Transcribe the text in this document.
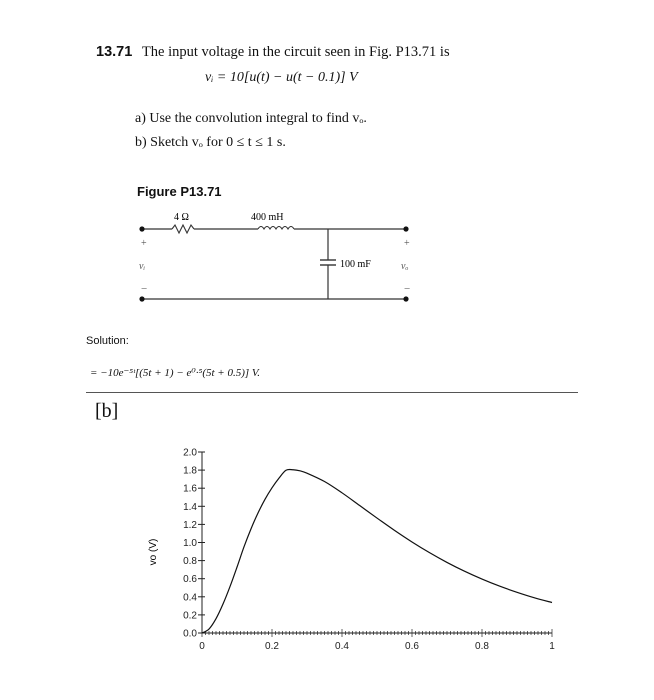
13.71 The input voltage in the circuit seen in Fig. P13.71 is
vᵢ = 10[u(t) − u(t − 0.1)] V
a) Use the convolution integral to find vₒ.
b) Sketch vₒ for 0 ≤ t ≤ 1 s.
Figure P13.71
4 Ω	400 mH
100 mF
+
vᵢ
−
+
vₒ
−
Solution:
= −10e⁻⁵ᵗ[(5t + 1) − e⁰·⁵(5t + 0.5)] V.
[b]
0.0
0.2
0.4
0.6
0.8
1.0
1.2
1.4
1.6
1.8
2.0
0	0.2	0.4	0.6	0.8	1
vo (V)
